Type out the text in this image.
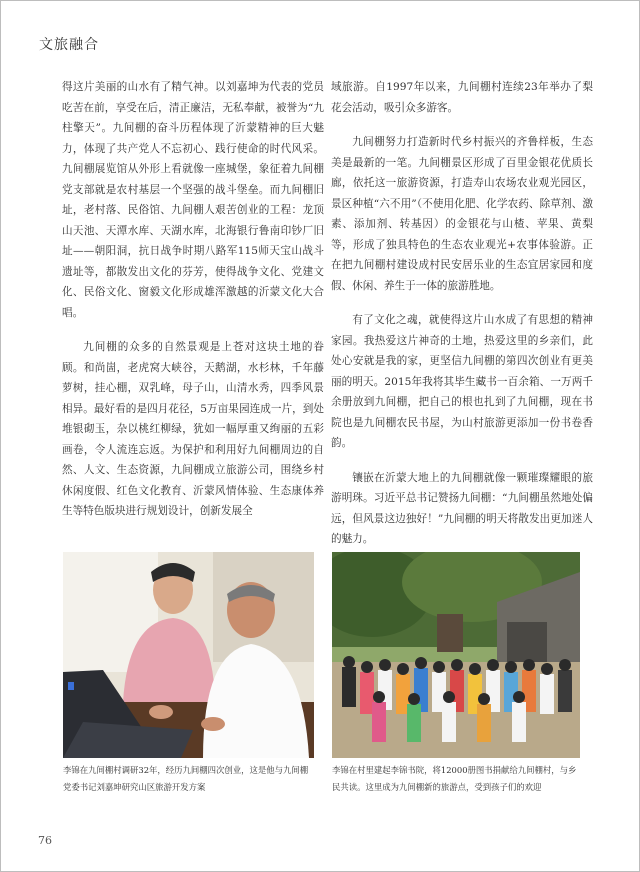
文旅融合

得这片美丽的山水有了精气神。以刘嘉坤为代表的党员吃苦在前，享受在后，清正廉洁，无私奉献，被誉为“九柱擎天”。九间棚的奋斗历程体现了沂蒙精神的巨大魅力，体现了共产党人不忘初心、践行使命的时代风采。九间棚展览馆从外形上看就像一座城堡，象征着九间棚党支部就是农村基层一个坚强的战斗堡垒。而九间棚旧址，老村落、民俗馆、九间棚人艰苦创业的工程：龙顶山天池、天潭水库、天湖水库，北海银行鲁南印钞厂旧址——朝阳洞，抗日战争时期八路军115师天宝山战斗遗址等，都散发出文化的芬芳，使得战争文化、党建文化、民俗文化、窗毅文化形成雄浑激越的沂蒙文化大合唱。

九间棚的众多的自然景观是上苍对这块土地的眷顾。和尚崮，老虎窝大峡谷，天鹅湖，水杉林，千年藤萝树，挂心棚，双乳峰，母子山，山清水秀，四季风景相异。最好看的是四月花径，5万亩果园连成一片，到处堆银砌玉，杂以桃红柳绿，犹如一幅厚重又绚丽的五彩画卷，令人流连忘返。为保护和利用好九间棚周边的自然、人文、生态资源，九间棚成立旅游公司，围绕乡村休闲度假、红色文化教育、沂蒙风情体验、生态康体养生等特色版块进行规划设计，创新发展全

域旅游。自1997年以来，九间棚村连续23年举办了梨花会活动，吸引众多游客。

九间棚努力打造新时代乡村振兴的齐鲁样板，生态美是最新的一笔。九间棚景区形成了百里金银花优质长廊，依托这一旅游资源，打造寿山农场农业观光园区，景区种植“六不用”（不使用化肥、化学农药、除草剂、激素、添加剂、转基因）的金银花与山楂、苹果、黄梨等，形成了独具特色的生态农业观光+农事体验游。正在把九间棚村建设成村民安居乐业的生态宜居家园和度假、休闲、养生于一体的旅游胜地。

有了文化之魂，就使得这片山水成了有思想的精神家园。我热爱这片神奇的土地，热爱这里的乡亲们，此处心安就是我的家，更坚信九间棚的第四次创业有更美丽的明天。2015年我将其毕生藏书一百余箱、一万两千余册放到九间棚，把自己的根也扎到了九间棚，现在书院也是九间棚农民书屋，为山村旅游更添加一份书卷香韵。

镶嵌在沂蒙大地上的九间棚就像一颗璀璨耀眼的旅游明珠。习近平总书记赞扬九间棚：“九间棚虽然地处偏远，但风景这边独好！”九间棚的明天将散发出更加迷人的魅力。

李锦在九间棚村调研32年，经历九间棚四次创业，这是他与九间棚党委书记刘嘉坤研究山区旅游开发方案
李锦在村里建起李锦书院，将12000册图书捐献给九间棚村，与乡民共读。这里成为九间棚新的旅游点，受到孩子们的欢迎
76
